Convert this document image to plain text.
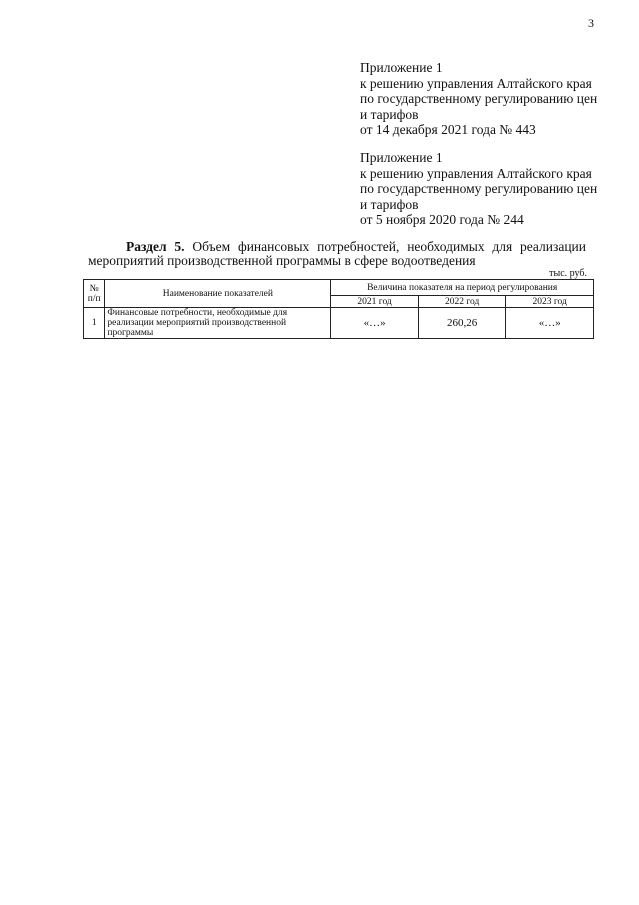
3
Приложение 1
к решению управления Алтайского края
по государственному регулированию цен
и тарифов
от 14 декабря 2021 года № 443
Приложение 1
к решению управления Алтайского края
по государственному регулированию цен
и тарифов
от 5 ноября 2020 года № 244
Раздел 5. Объем финансовых потребностей, необходимых для реализации
мероприятий производственной программы в сфере водоотведения
тыс. руб.
№ п/п	Наименование показателей	Величина показателя на период регулирования		
		2021 год	2022 год	2023 год
1	Финансовые потребности, необходимые для реализации мероприятий производственной программы	«…»	260,26	«…»
